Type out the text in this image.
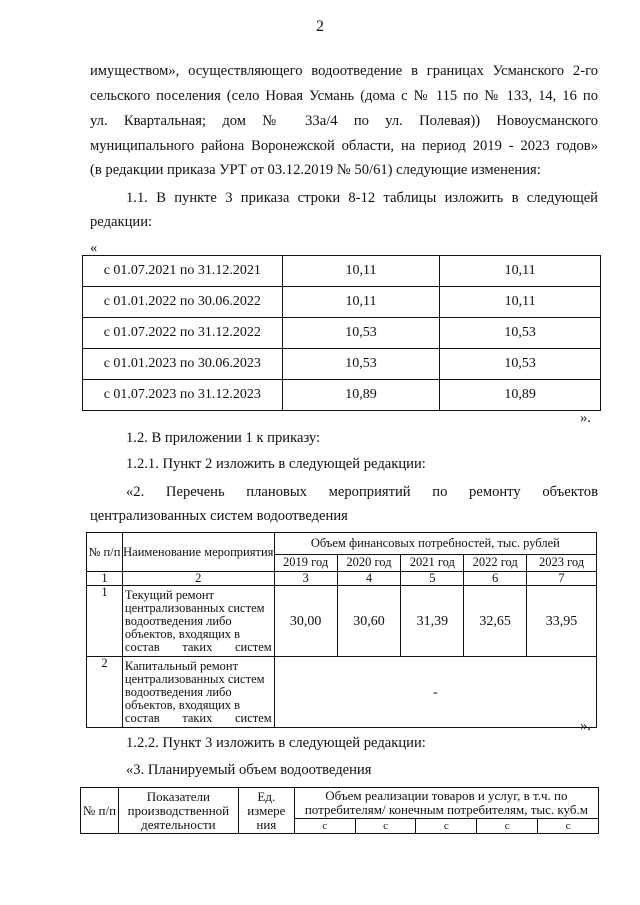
2
имуществом», осуществляющего водоотведение в границах Усманского 2-го
сельского поселения (село Новая Усмань (дома с № 115 по № 133, 14, 16 по
ул. Квартальная; дом № 33а/4 по ул. Полевая)) Новоусманского
муниципального района Воронежской области, на период 2019 - 2023 годов»
(в редакции приказа УРТ от 03.12.2019 № 50/61) следующие изменения:
1.1. В пункте 3 приказа строки 8-12 таблицы изложить в следующей
редакции:
«
с 01.07.2021 по 31.12.2021	10,11	10,11
с 01.01.2022 по 30.06.2022	10,11	10,11
с 01.07.2022 по 31.12.2022	10,53	10,53
с 01.01.2023 по 30.06.2023	10,53	10,53
с 01.07.2023 по 31.12.2023	10,89	10,89
».
1.2. В приложении 1 к приказу:
1.2.1. Пункт 2 изложить в следующей редакции:
«2. Перечень плановых мероприятий по ремонту объектов
централизованных систем водоотведения
№ п/п	Наименование мероприятия	Объем финансовых потребностей, тыс. рублей				
		2019 год	2020 год	2021 год	2022 год	2023 год
1	2	3	4	5	6	7
1	Текущий ремонт централизованных систем водоотведения либо объектов, входящих в состав таких систем	30,00	30,60	31,39	32,65	33,95
2	Капитальный ремонт централизованных систем водоотведения либо объектов, входящих в состав таких систем	-				
».
1.2.2. Пункт 3 изложить в следующей редакции:
«3. Планируемый объем водоотведения
№ п/п	Показатели производственной деятельности	Ед. измере ния	Объем реализации товаров и услуг, в т.ч. по потребителям/ конечным потребителям, тыс. куб.м				
			с	с	с	с	с
